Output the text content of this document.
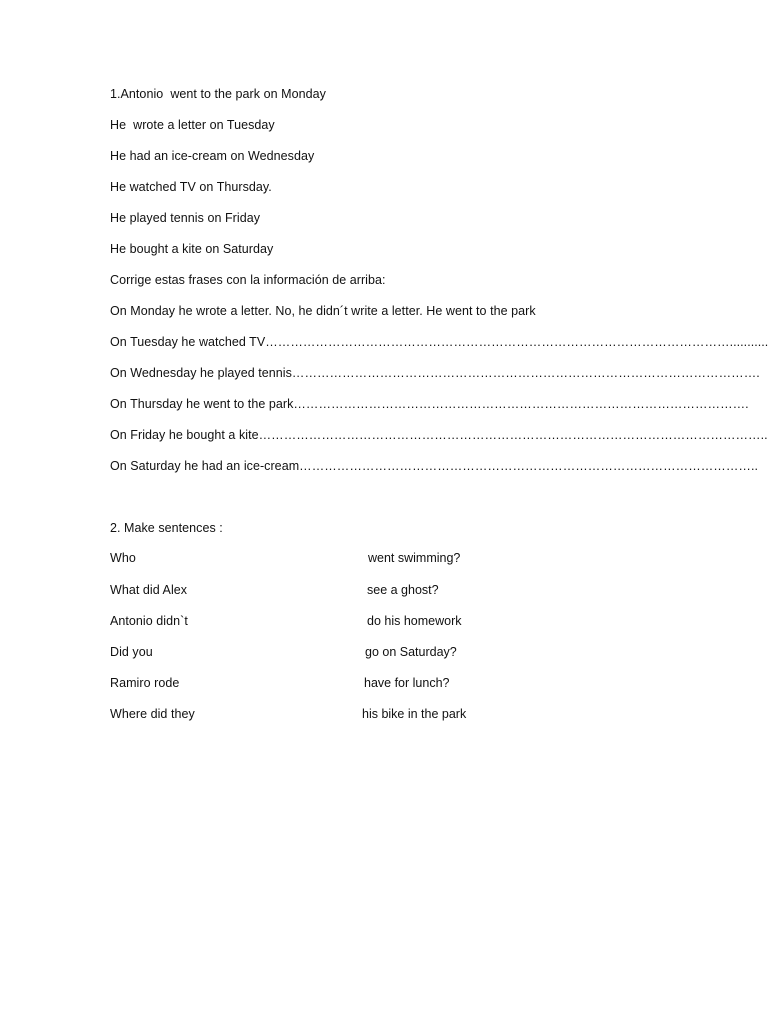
1.Antonio  went to the park on Monday
He  wrote a letter on Tuesday
He had an ice-cream on Wednesday
He watched TV on Thursday.
He played tennis on Friday
He bought a kite on Saturday
Corrige estas frases con la información de arriba:
On Monday he wrote a letter. No, he didn´t write a letter. He went to the park
On Tuesday he watched TV…………………………………………………………………………………………………...........
On Wednesday he played tennis………………………………………………………………………………………………….
On Thursday he went to the park……………………………………………………………………………………………….
On Friday he bought a kite…………………………………………………………………………………………………………..
On Saturday he had an ice-cream………………………………………………………………………………………………..
2. Make sentences :
Who
What did Alex
Antonio didn`t
Did you
Ramiro rode
Where did they
went swimming?
see a ghost?
do his homework
go on Saturday?
have for lunch?
his bike in the park
